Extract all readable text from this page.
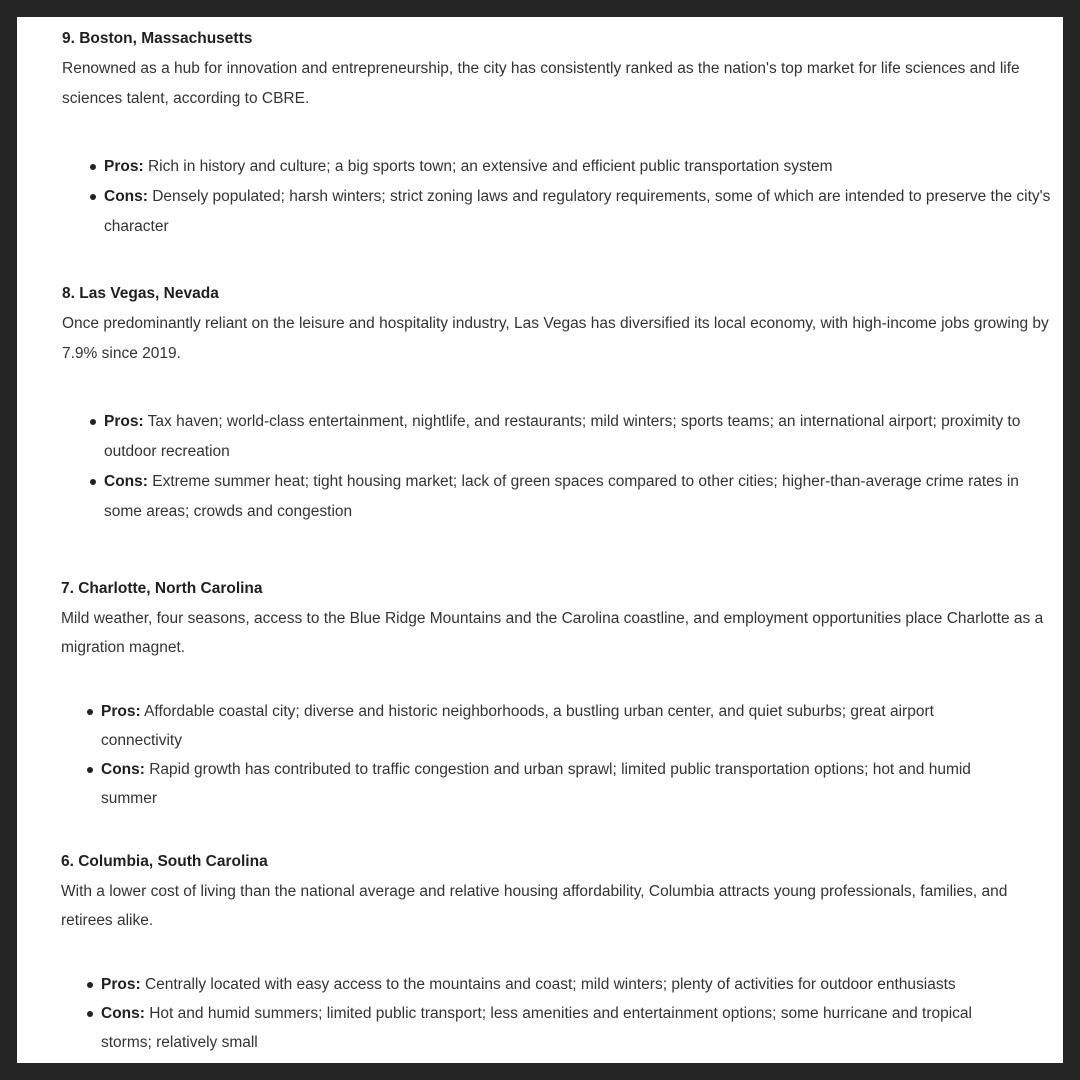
9. Boston, Massachusetts

Renowned as a hub for innovation and entrepreneurship, the city has consistently ranked as the nation's top market for life sciences and life sciences talent, according to CBRE.

Pros: Rich in history and culture; a big sports town; an extensive and efficient public transportation system
Cons: Densely populated; harsh winters; strict zoning laws and regulatory requirements, some of which are intended to preserve the city's character
8. Las Vegas, Nevada

Once predominantly reliant on the leisure and hospitality industry, Las Vegas has diversified its local economy, with high-income jobs growing by 7.9% since 2019.

Pros: Tax haven; world-class entertainment, nightlife, and restaurants; mild winters; sports teams; an international airport; proximity to outdoor recreation
Cons: Extreme summer heat; tight housing market; lack of green spaces compared to other cities; higher-than-average crime rates in some areas; crowds and congestion
7. Charlotte, North Carolina

Mild weather, four seasons, access to the Blue Ridge Mountains and the Carolina coastline, and employment opportunities place Charlotte as a migration magnet.

Pros: Affordable coastal city; diverse and historic neighborhoods, a bustling urban center, and quiet suburbs; great airport connectivity
Cons: Rapid growth has contributed to traffic congestion and urban sprawl; limited public transportation options; hot and humid summer
6. Columbia, South Carolina

With a lower cost of living than the national average and relative housing affordability, Columbia attracts young professionals, families, and retirees alike.

Pros: Centrally located with easy access to the mountains and coast; mild winters; plenty of activities for outdoor enthusiasts
Cons: Hot and humid summers; limited public transport; less amenities and entertainment options; some hurricane and tropical storms; relatively small
